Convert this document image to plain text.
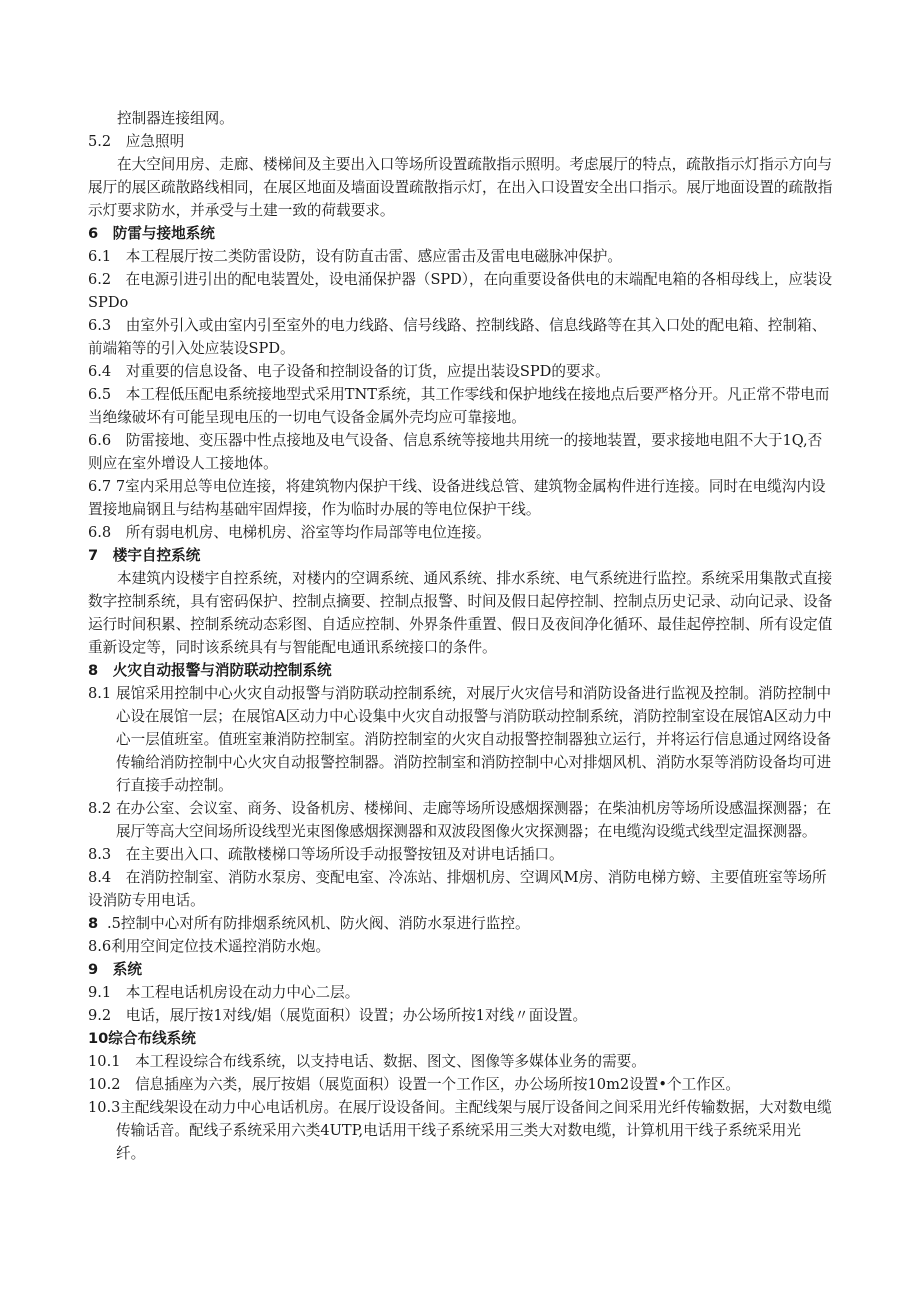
控制器连接组网。
5.2　应急照明
在大空间用房、走廊、楼梯间及主要出入口等场所设置疏散指示照明。考虑展厅的特点，疏散指示灯指示方向与
展厅的展区疏散路线相同，在展区地面及墙面设置疏散指示灯，在出入口设置安全出口指示。展厅地面设置的疏散指
示灯要求防水，并承受与土建一致的荷载要求。
6　防雷与接地系统
6.1　本工程展厅按二类防雷设防，设有防直击雷、感应雷击及雷电电磁脉冲保护。
6.2　在电源引进引出的配电装置处，设电涌保护器（SPD），在向重要设备供电的末端配电箱的各相母线上，应装设
SPDo
6.3　由室外引入或由室内引至室外的电力线路、信号线路、控制线路、信息线路等在其入口处的配电箱、控制箱、
前端箱等的引入处应装设SPD。
6.4　对重要的信息设备、电子设备和控制设备的订货，应提出装设SPD的要求。
6.5　本工程低压配电系统接地型式采用TNT系统，其工作零线和保护地线在接地点后要严格分开。凡正常不带电而
当绝缘破坏有可能呈现电压的一切电气设备金属外壳均应可靠接地。
6.6　防雷接地、变压器中性点接地及电气设备、信息系统等接地共用统一的接地装置，要求接地电阻不大于1Q,否
则应在室外增设人工接地体。
6.7 7室内采用总等电位连接，将建筑物内保护干线、设备进线总管、建筑物金属构件进行连接。同时在电缆沟内设
置接地扁钢且与结构基础牢固焊接，作为临时办展的等电位保护干线。
6.8　所有弱电机房、电梯机房、浴室等均作局部等电位连接。
7　楼宇自控系统
本建筑内设楼宇自控系统，对楼内的空调系统、通风系统、排水系统、电气系统进行监控。系统采用集散式直接
数字控制系统，具有密码保护、控制点摘要、控制点报警、时间及假日起停控制、控制点历史记录、动向记录、设备
运行时间积累、控制系统动态彩图、自适应控制、外界条件重置、假日及夜间净化循环、最佳起停控制、所有设定值
重新设定等，同时该系统具有与智能配电通讯系统接口的条件。
8　火灾自动报警与消防联动控制系统
8.1 展馆采用控制中心火灾自动报警与消防联动控制系统，对展厅火灾信号和消防设备进行监视及控制。消防控制中
心设在展馆一层；在展馆A区动力中心设集中火灾自动报警与消防联动控制系统，消防控制室设在展馆A区动力中
心一层值班室。值班室兼消防控制室。消防控制室的火灾自动报警控制器独立运行，并将运行信息通过网络设备
传输给消防控制中心火灾自动报警控制器。消防控制室和消防控制中心对排烟风机、消防水泵等消防设备均可进
行直接手动控制。
8.2 在办公室、会议室、商务、设备机房、楼梯间、走廊等场所设感烟探测器；在柴油机房等场所设感温探测器；在
展厅等高大空间场所设线型光束图像感烟探测器和双波段图像火灾探测器；在电缆沟设缆式线型定温探测器。
8.3　在主要出入口、疏散楼梯口等场所设手动报警按钮及对讲电话插口。
8.4　在消防控制室、消防水泵房、变配电室、冷冻站、排烟机房、空调风M房、消防电梯方螃、主要值班室等场所
设消防专用电话。
8 .5控制中心对所有防排烟系统风机、防火阀、消防水泵进行监控。
8.6利用空间定位技术遥控消防水炮。
9　系统
9.1　本工程电话机房设在动力中心二层。
9.2　电话，展厅按1对线/娼（展览面积）设置；办公场所按1对线〃面设置。
10综合布线系统
10.1　本工程设综合布线系统，以支持电话、数据、图文、图像等多媒体业务的需要。
10.2　信息插座为六类，展厅按娼（展览面积）设置一个工作区，办公场所按10m2设置•个工作区。
10.3主配线架设在动力中心电话机房。在展厅设设备间。主配线架与展厅设备间之间采用光纤传输数据，大对数电缆
传输话音。配线子系统采用六类4UTP,电话用干线子系统采用三类大对数电缆，计算机用干线子系统采用光
纤。
